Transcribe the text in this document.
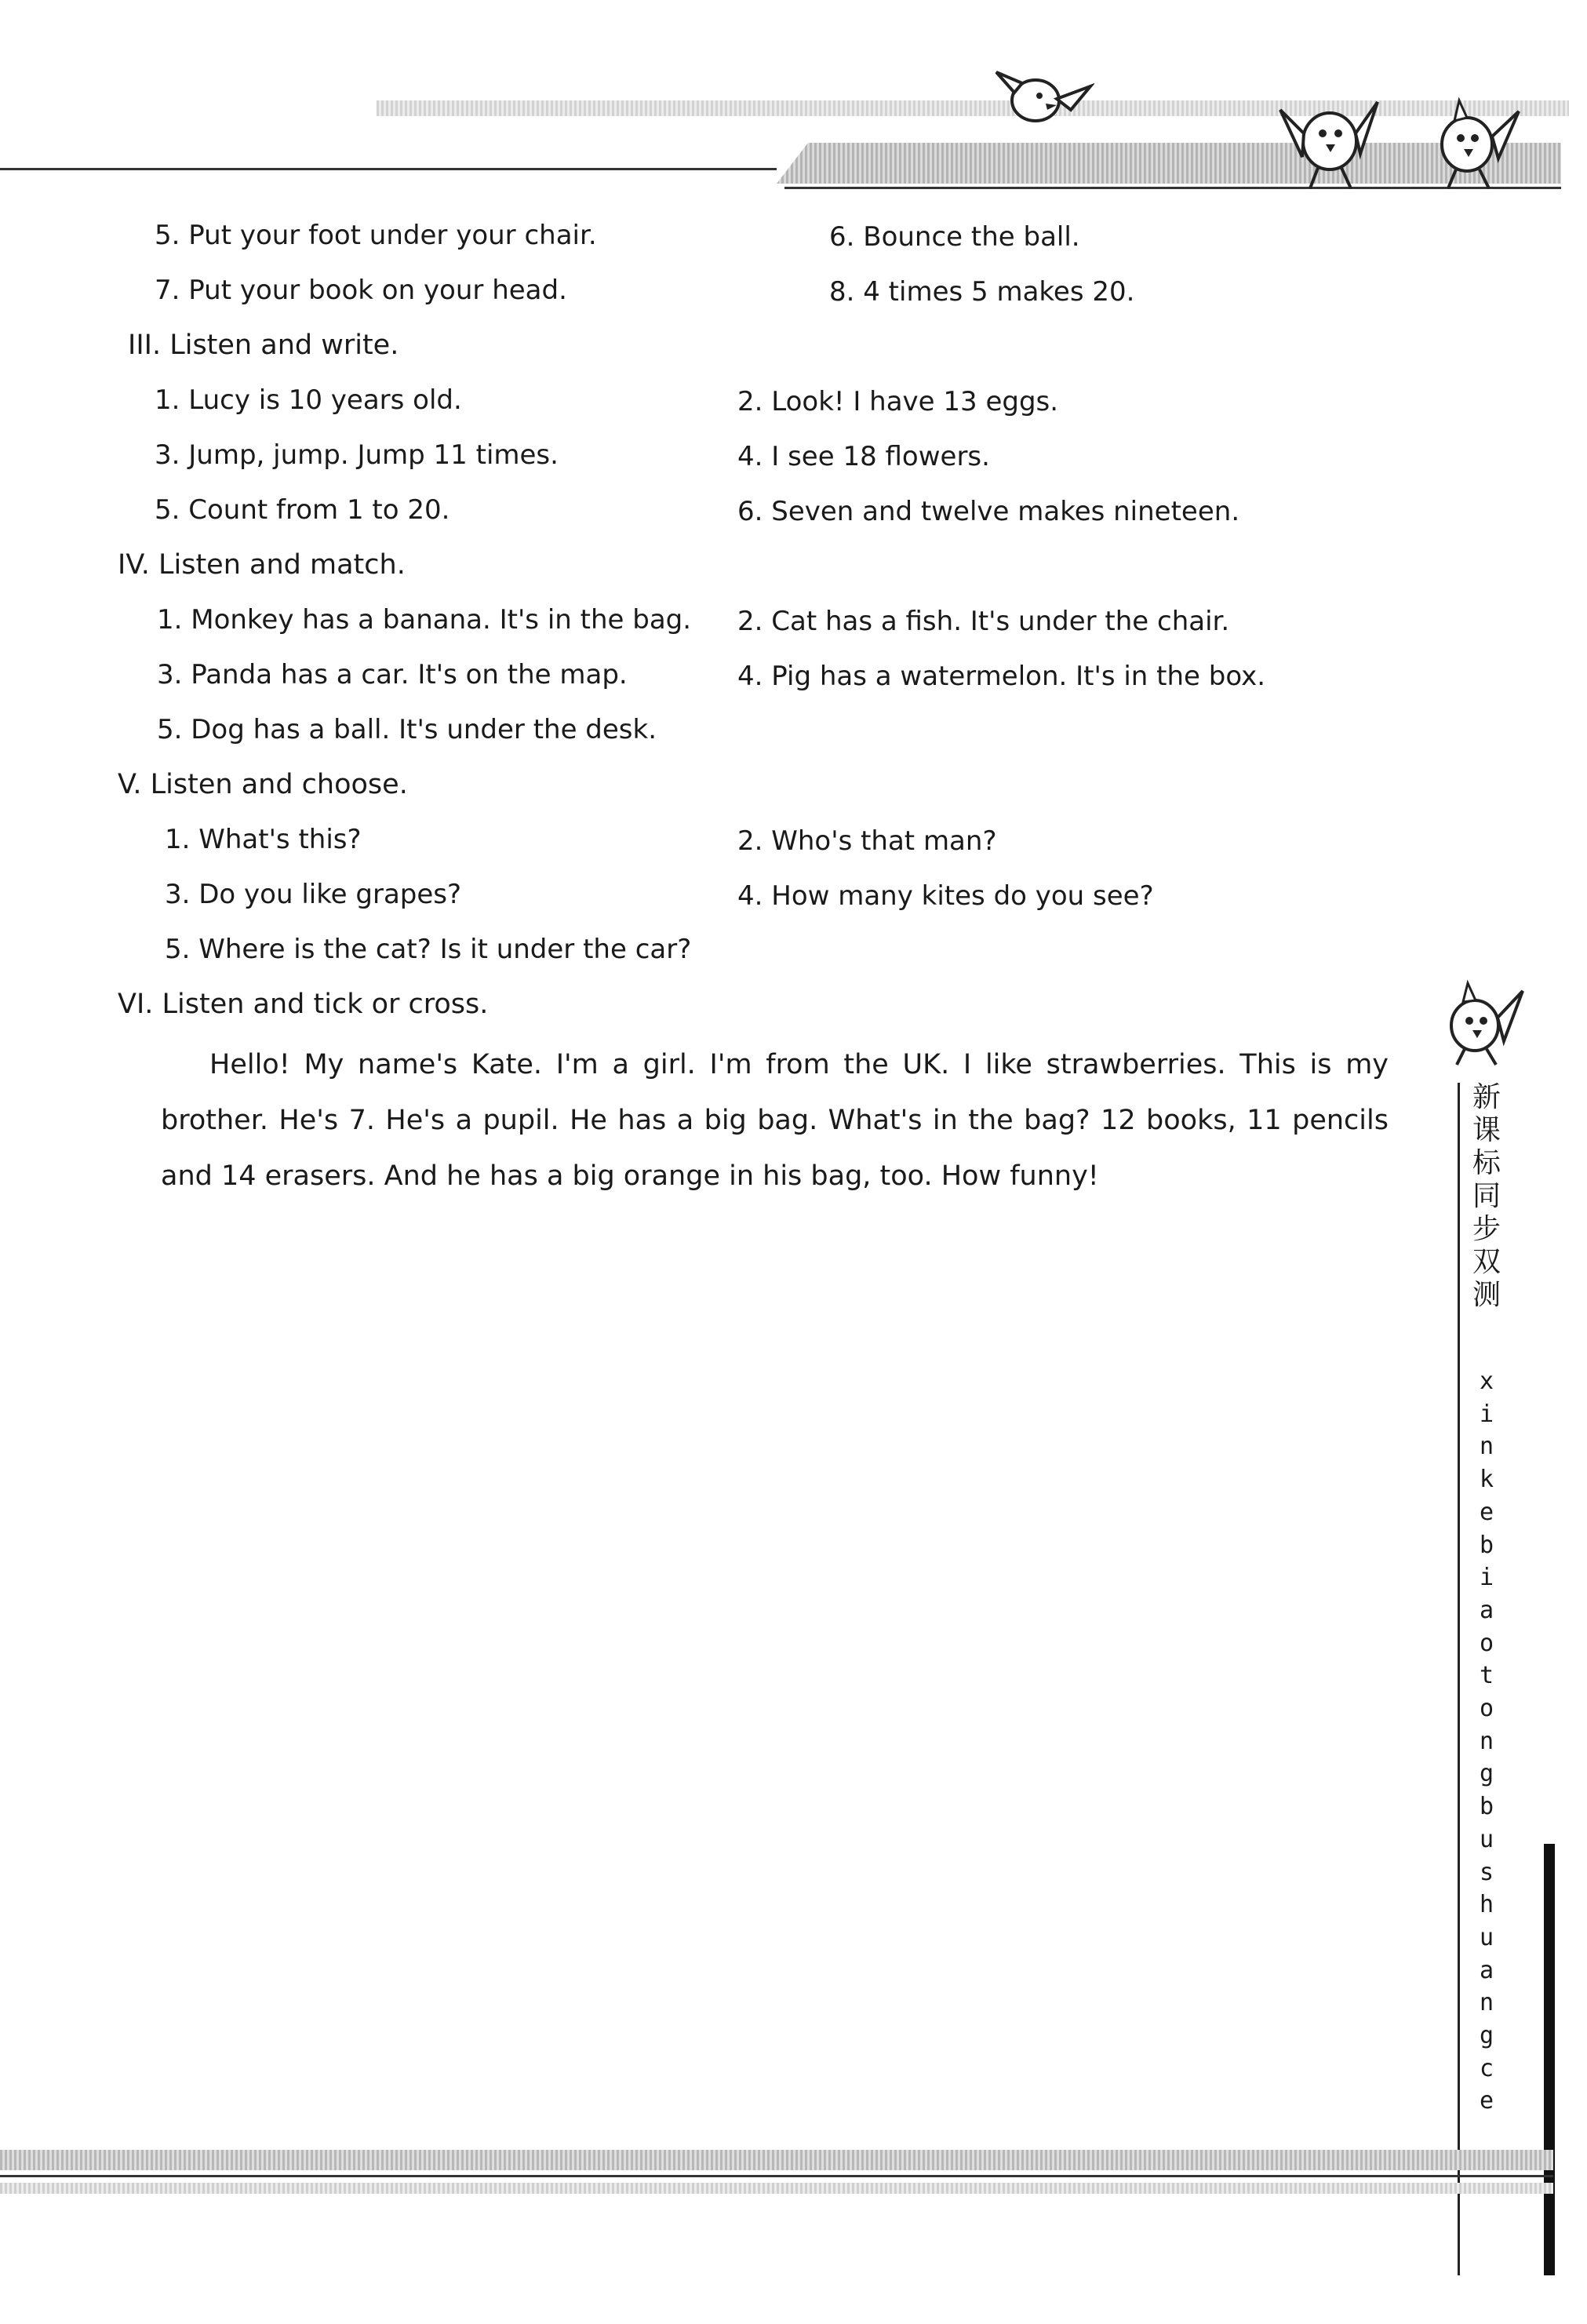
5. Put your foot under your chair.	6. Bounce the ball.
7. Put your book on your head.	8. 4 times 5 makes 20.
III. Listen and write.
1. Lucy is 10 years old.	2. Look! I have 13 eggs.
3. Jump, jump. Jump 11 times.	4. I see 18 flowers.
5. Count from 1 to 20.	6. Seven and twelve makes nineteen.
IV. Listen and match.
1. Monkey has a banana. It's in the bag. 2. Cat has a fish. It's under the chair.
3. Panda has a car. It's on the map.	4. Pig has a watermelon. It's in the box.
5. Dog has a ball. It's under the desk.
V. Listen and choose.
1. What's this?	2. Who's that man?
3. Do you like grapes?	4. How many kites do you see?
5. Where is the cat? Is it under the car?
VI. Listen and tick or cross.
Hello! My name's Kate. I'm a girl. I'm from the UK. I like strawberries. This is my brother. He's 7. He's a pupil. He has a big bag. What's in the bag? 12 books, 11 pencils and 14 erasers. And he has a big orange in his bag, too. How funny!
新
课
标
同
步
双
测
x
i
n
k
e
b
i
a
o
t
o
n
g
b
u
s
h
u
a
n
g
c
e
